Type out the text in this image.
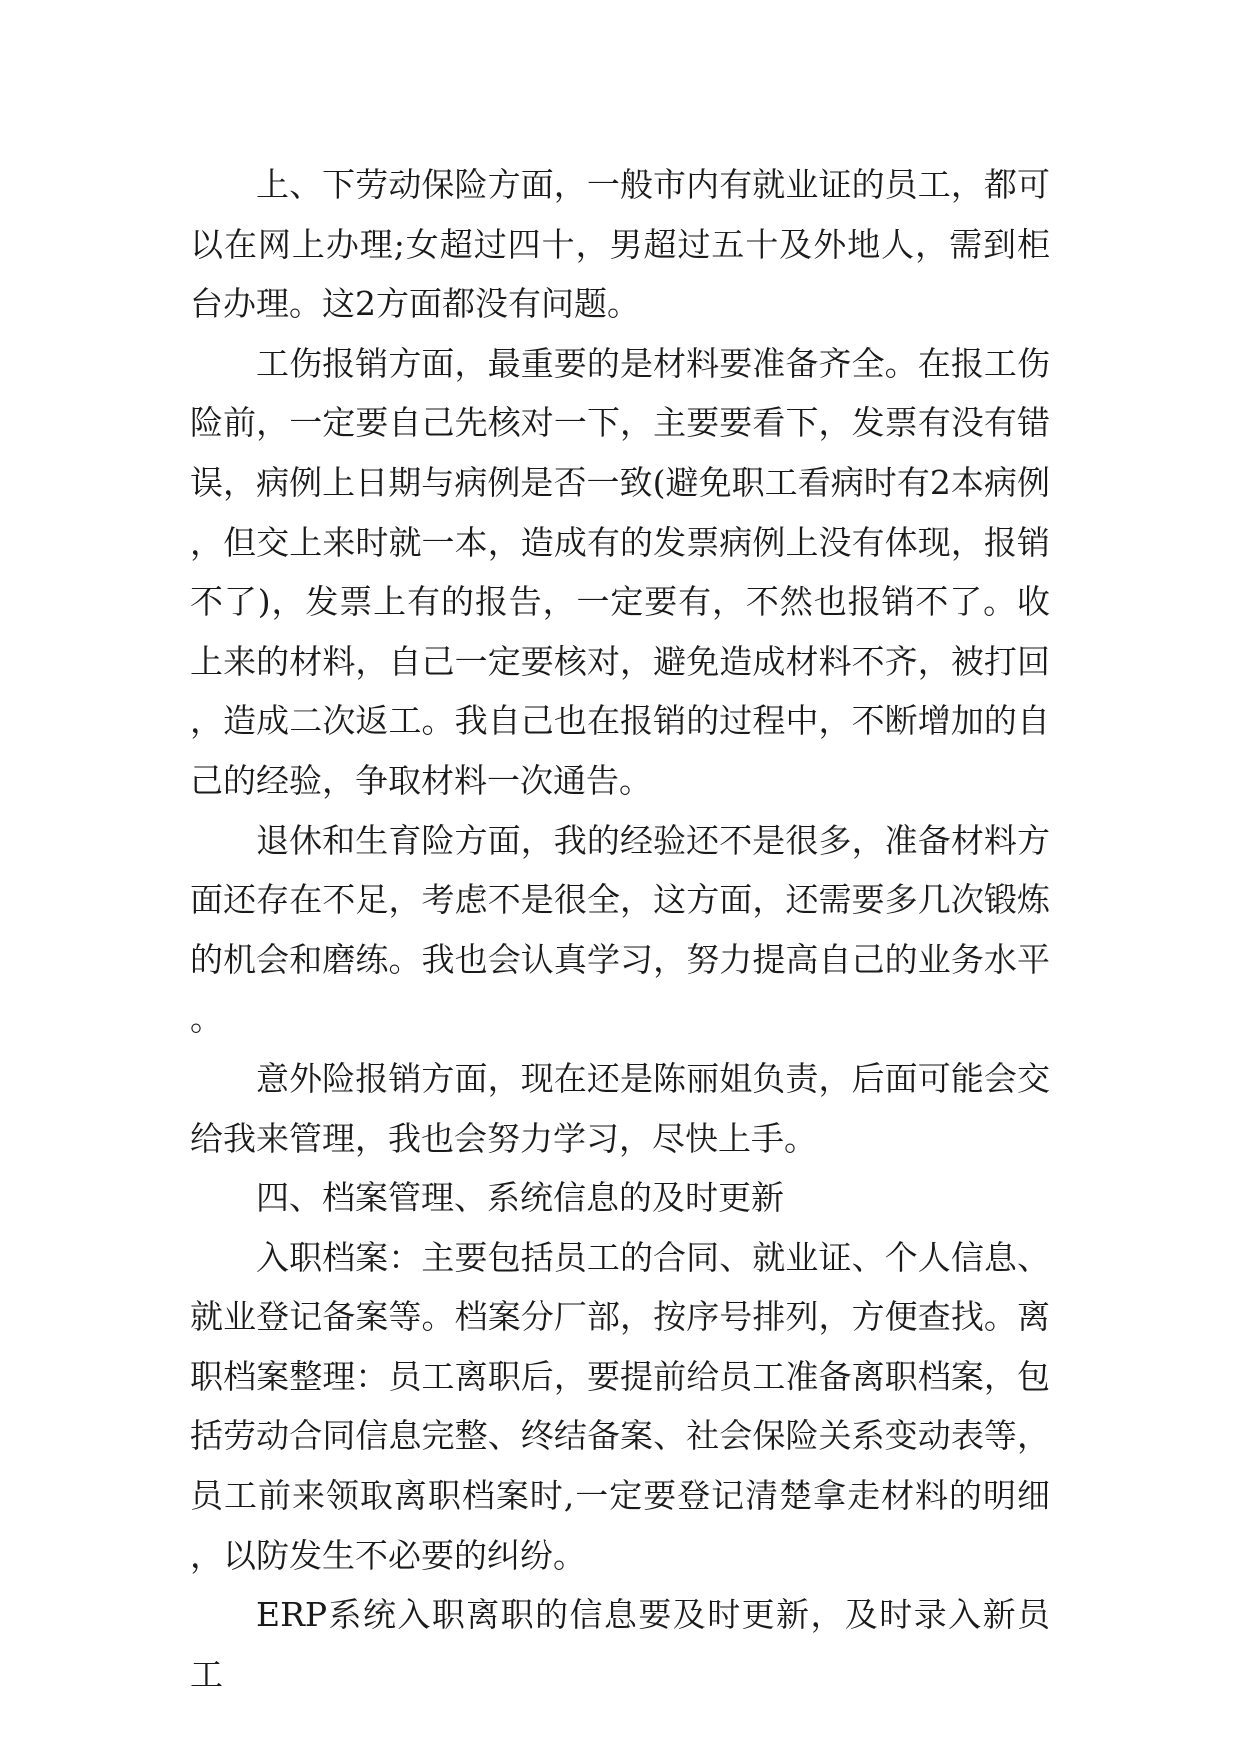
上、下劳动保险方面，一般市内有就业证的员工，都可以在网上办理;女超过四十，男超过五十及外地人，需到柜台办理。这2方面都没有问题。

工伤报销方面，最重要的是材料要准备齐全。在报工伤险前，一定要自己先核对一下，主要要看下，发票有没有错误，病例上日期与病例是否一致(避免职工看病时有2本病例，但交上来时就一本，造成有的发票病例上没有体现，报销不了)，发票上有的报告，一定要有，不然也报销不了。收上来的材料，自己一定要核对，避免造成材料不齐，被打回，造成二次返工。我自己也在报销的过程中，不断增加的自己的经验，争取材料一次通告。

退休和生育险方面，我的经验还不是很多，准备材料方面还存在不足，考虑不是很全，这方面，还需要多几次锻炼的机会和磨练。我也会认真学习，努力提高自己的业务水平。

意外险报销方面，现在还是陈丽姐负责，后面可能会交给我来管理，我也会努力学习，尽快上手。

四、档案管理、系统信息的及时更新

入职档案：主要包括员工的合同、就业证、个人信息、就业登记备案等。档案分厂部，按序号排列，方便查找。离职档案整理：员工离职后，要提前给员工准备离职档案，包括劳动合同信息完整、终结备案、社会保险关系变动表等，员工前来领取离职档案时,一定要登记清楚拿走材料的明细，以防发生不必要的纠纷。

ERP系统入职离职的信息要及时更新，及时录入新员工
